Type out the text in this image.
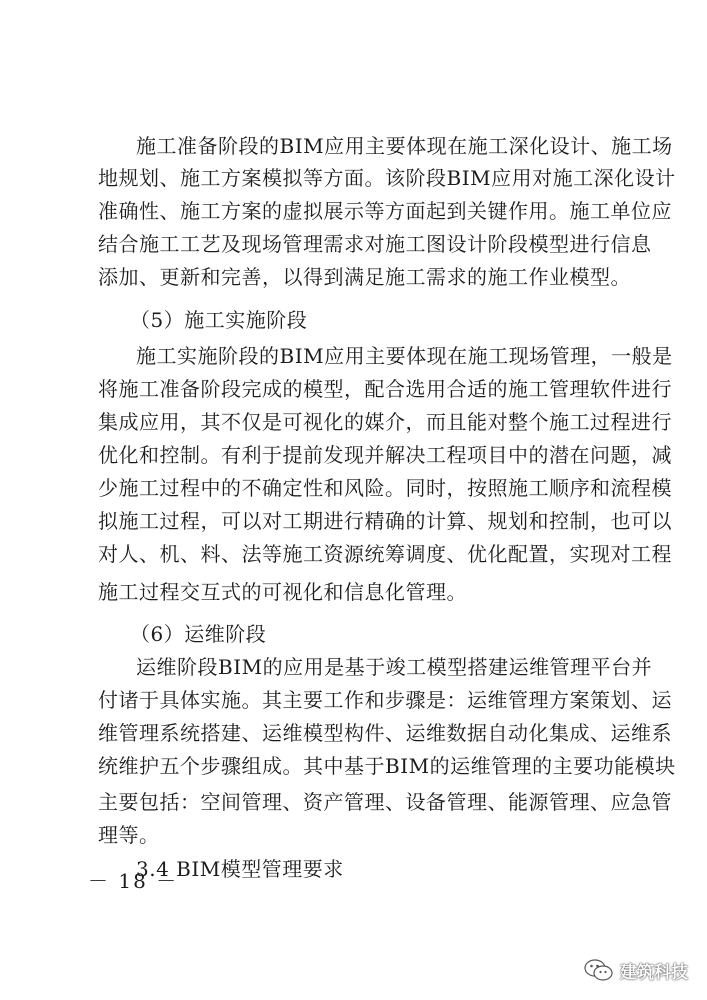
施工准备阶段的BIM应用主要体现在施工深化设计、施工场
地规划、施工方案模拟等方面。该阶段BIM应用对施工深化设计
准确性、施工方案的虚拟展示等方面起到关键作用。施工单位应
结合施工工艺及现场管理需求对施工图设计阶段模型进行信息
添加、更新和完善，以得到满足施工需求的施工作业模型。
（5）施工实施阶段
施工实施阶段的BIM应用主要体现在施工现场管理，一般是
将施工准备阶段完成的模型，配合选用合适的施工管理软件进行
集成应用，其不仅是可视化的媒介，而且能对整个施工过程进行
优化和控制。有利于提前发现并解决工程项目中的潜在问题，减
少施工过程中的不确定性和风险。同时，按照施工顺序和流程模
拟施工过程，可以对工期进行精确的计算、规划和控制，也可以
对人、机、料、法等施工资源统筹调度、优化配置，实现对工程
施工过程交互式的可视化和信息化管理。
（6）运维阶段
运维阶段BIM的应用是基于竣工模型搭建运维管理平台并
付诸于具体实施。其主要工作和步骤是：运维管理方案策划、运
维管理系统搭建、运维模型构件、运维数据自动化集成、运维系
统维护五个步骤组成。其中基于BIM的运维管理的主要功能模块
主要包括：空间管理、资产管理、设备管理、能源管理、应急管
理等。
3.4 BIM模型管理要求
－ 18 －
建筑科技
